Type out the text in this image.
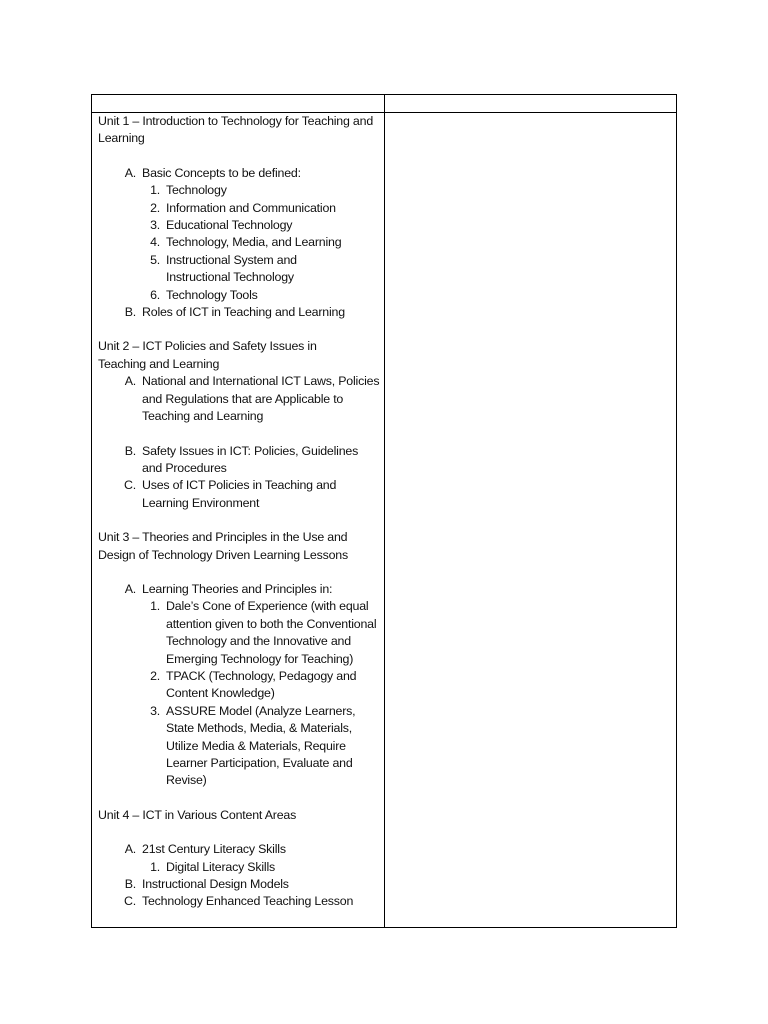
Unit 1 – Introduction to Technology for Teaching and Learning
A. Basic Concepts to be defined:
1. Technology
2. Information and Communication
3. Educational Technology
4. Technology, Media, and Learning
5. Instructional System and Instructional Technology
6. Technology Tools
B. Roles of ICT in Teaching and Learning
Unit 2 – ICT Policies and Safety Issues in Teaching and Learning
A. National and International ICT Laws, Policies and Regulations that are Applicable to Teaching and Learning
B. Safety Issues in ICT: Policies, Guidelines and Procedures
C. Uses of ICT Policies in Teaching and Learning Environment
Unit 3 – Theories and Principles in the Use and Design of Technology Driven Learning Lessons
A. Learning Theories and Principles in:
1. Dale’s Cone of Experience (with equal attention given to both the Conventional Technology and the Innovative and Emerging Technology for Teaching)
2. TPACK (Technology, Pedagogy and Content Knowledge)
3. ASSURE Model (Analyze Learners, State Methods, Media, & Materials, Utilize Media & Materials, Require Learner Participation, Evaluate and Revise)
Unit 4 – ICT in Various Content Areas
A. 21st Century Literacy Skills
1. Digital Literacy Skills
B. Instructional Design Models
C. Technology Enhanced Teaching Lesson
